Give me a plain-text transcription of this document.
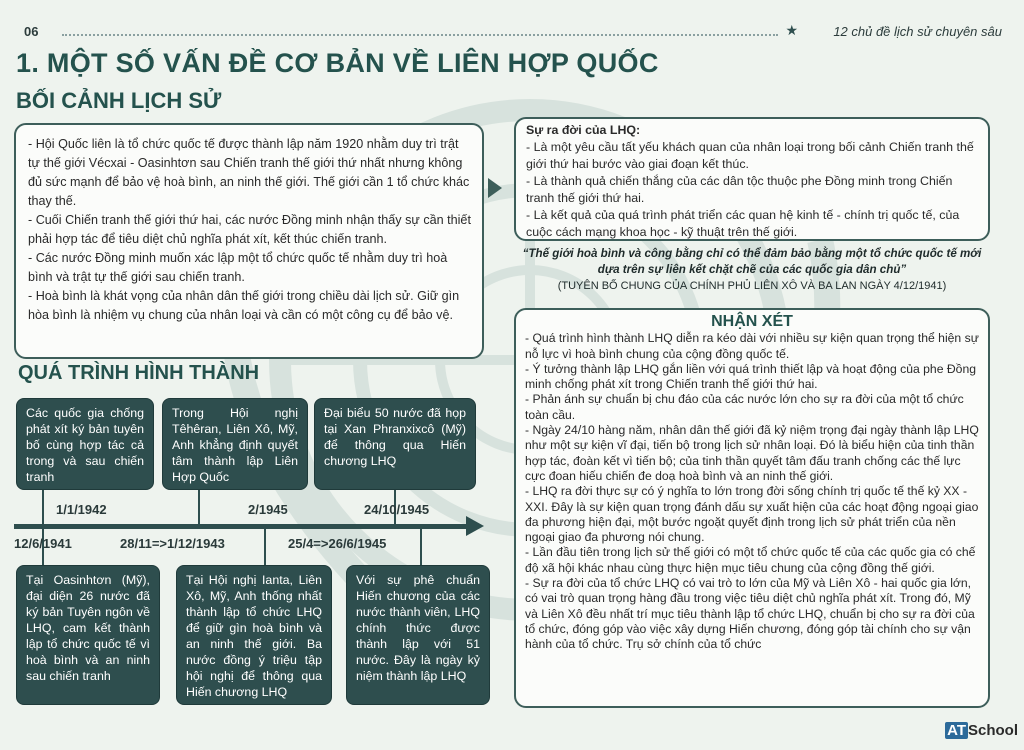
06	★	12 chủ đề lịch sử chuyên sâu
1. MỘT SỐ VẤN ĐỀ CƠ BẢN VỀ LIÊN HỢP QUỐC
BỐI CẢNH LỊCH SỬ

- Hội Quốc liên là tổ chức quốc tế được thành lập năm 1920 nhằm duy trì trật tự thế giới Vécxai - Oasinhtơn sau Chiến tranh thế giới thứ nhất nhưng không đủ sức mạnh để bảo vệ hoà bình, an ninh thế giới. Thế giới cần 1 tổ chức khác thay thế.

- Cuối Chiến tranh thế giới thứ hai, các nước Đồng minh nhận thấy sự cần thiết phải hợp tác để tiêu diệt chủ nghĩa phát xít, kết thúc chiến tranh.

- Các nước Đồng minh muốn xác lập một tổ chức quốc tế nhằm duy trì hoà bình và trật tự thế giới sau chiến tranh.

- Hoà bình là khát vọng của nhân dân thế giới trong chiều dài lịch sử. Giữ gìn hòa bình là nhiệm vụ chung của nhân loại và cần có một công cụ để bảo vệ.

Sự ra đời của LHQ:
- Là một yêu cầu tất yếu khách quan của nhân loại trong bối cảnh Chiến tranh thế giới thứ hai bước vào giai đoạn kết thúc.
- Là thành quả chiến thắng của các dân tộc thuộc phe Đồng minh trong Chiến tranh thế giới thứ hai.
- Là kết quả của quá trình phát triển các quan hệ kinh tế - chính trị quốc tế, của cuộc cách mạng khoa học - kỹ thuật trên thế giới.
“Thế giới hoà bình và công bằng chỉ có thể đảm bảo bằng một tổ chức quốc tế mới dựa trên sự liên kết chặt chẽ của các quốc gia dân chủ”
(TUYÊN BỐ CHUNG CỦA CHÍNH PHỦ LIÊN XÔ VÀ BA LAN NGÀY 4/12/1941)
NHẬN XÉT
- Quá trình hình thành LHQ diễn ra kéo dài với nhiều sự kiện quan trọng thể hiện sự nỗ lực vì hoà bình chung của cộng đồng quốc tế.
- Ý tưởng thành lập LHQ gắn liền với quá trình thiết lập và hoạt động của phe Đồng minh chống phát xít trong Chiến tranh thế giới thứ hai.
- Phản ánh sự chuẩn bị chu đáo của các nước lớn cho sự ra đời của một tổ chức toàn cầu.
- Ngày 24/10 hàng năm, nhân dân thế giới đã kỷ niệm trọng đại ngày thành lập LHQ như một sự kiện vĩ đại, tiến bộ trong lịch sử nhân loại. Đó là biểu hiện của tinh thần hợp tác, đoàn kết vì tiến bộ; của tinh thần quyết tâm đấu tranh chống các thế lực cực đoan hiếu chiến đe doạ hoà bình và an ninh thế giới.
- LHQ ra đời thực sự có ý nghĩa to lớn trong đời sống chính trị quốc tế thế kỷ XX - XXI. Đây là sự kiện quan trọng đánh dấu sự xuất hiện của các hoạt động ngoại giao đa phương hiện đại, một bước ngoặt quyết định trong lịch sử phát triển của nền ngoại giao đa phương nói chung.
- Lần đầu tiên trong lịch sử thế giới có một tổ chức quốc tế của các quốc gia có chế độ xã hội khác nhau cùng thực hiện mục tiêu chung của cộng đồng thế giới.
- Sự ra đời của tổ chức LHQ có vai trò to lớn của Mỹ và Liên Xô - hai quốc gia lớn, có vai trò quan trọng hàng đầu trong việc tiêu diệt chủ nghĩa phát xít. Trong đó, Mỹ và Liên Xô đều nhất trí mục tiêu thành lập tổ chức LHQ, chuẩn bị cho sự ra đời của tổ chức, đóng góp vào việc xây dựng Hiến chương, đóng góp tài chính cho sự vận hành của tổ chức. Trụ sở chính của tổ chức
QUÁ TRÌNH HÌNH THÀNH
Các quốc gia chống phát xít ký bản tuyên bố cùng hợp tác cả trong và sau chiến tranh
Trong Hội nghị Têhêran, Liên Xô, Mỹ, Anh khẳng định quyết tâm thành lập Liên Hợp Quốc
Đại biểu 50 nước đã họp tại Xan Phranxixcô (Mỹ) để thông qua Hiến chương LHQ
1/1/1942	2/1945	24/10/1945
12/6/1941	28/11=>1/12/1943	25/4=>26/6/1945
Tại Oasinhtơn (Mỹ), đại diện 26 nước đã ký bản Tuyên ngôn về LHQ, cam kết thành lập tổ chức quốc tế vì hoà bình và an ninh sau chiến tranh
Tại Hội nghị Ianta, Liên Xô, Mỹ, Anh thống nhất thành lập tổ chức LHQ để giữ gìn hoà bình và an ninh thế giới. Ba nước đồng ý triệu tập hội nghị để thông qua Hiến chương LHQ
Với sự phê chuẩn Hiến chương của các nước thành viên, LHQ chính thức được thành lập với 51 nước. Đây là ngày kỷ niệm thành lập LHQ
AT School
